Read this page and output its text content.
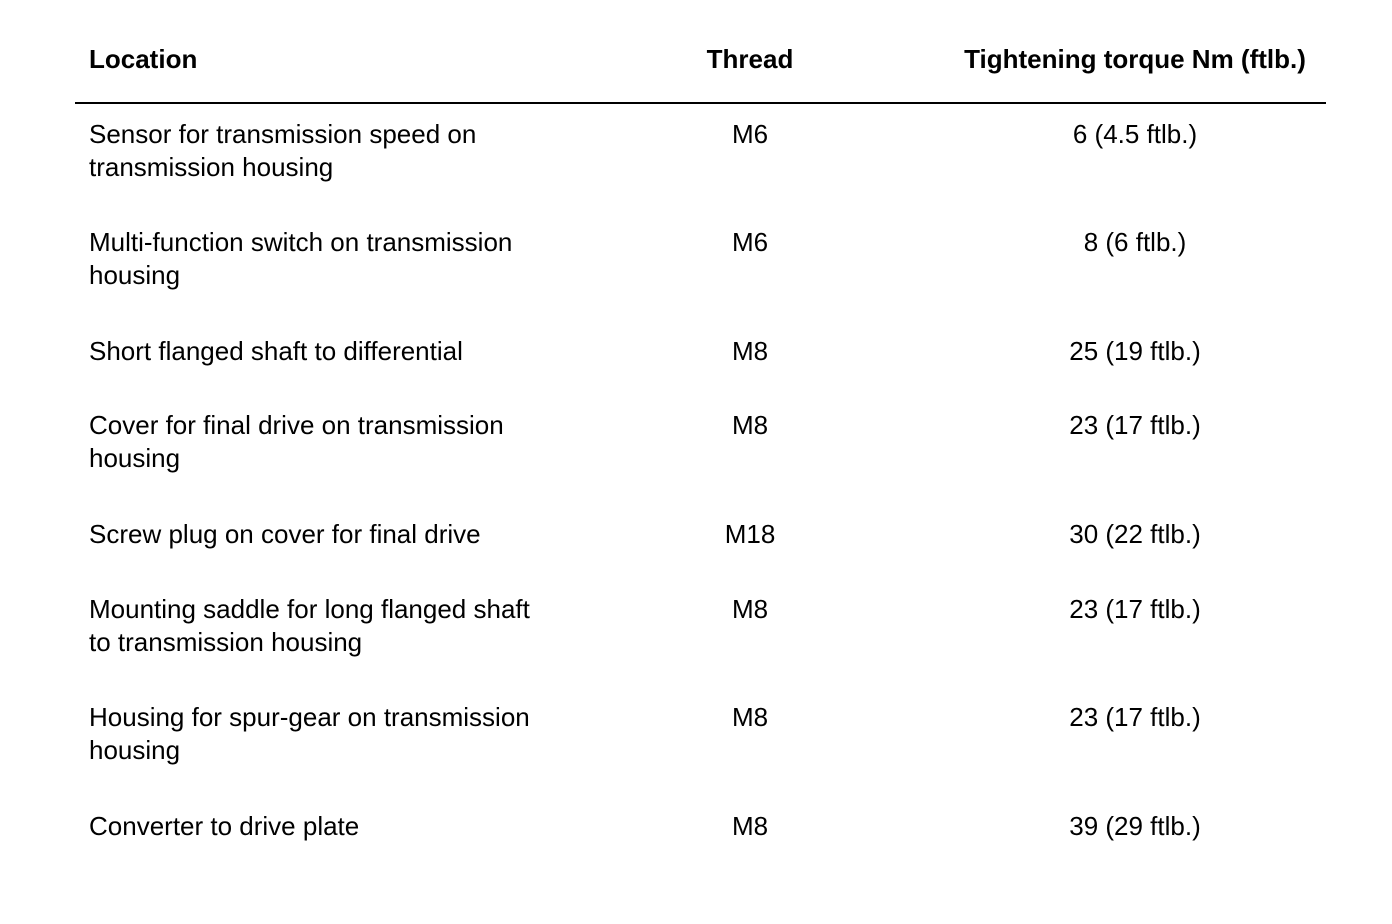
Location	Thread	Tightening torque Nm (ftlb.)
Sensor for transmission speed on
transmission housing
M6	6 (4.5 ftlb.)
Multi-function switch on transmission
housing
M6	8 (6 ftlb.)
Short flanged shaft to differential	M8	25 (19 ftlb.)
Cover for final drive on transmission
housing
M8	23 (17 ftlb.)
Screw plug on cover for final drive	M18	30 (22 ftlb.)
Mounting saddle for long flanged shaft
to transmission housing
M8	23 (17 ftlb.)
Housing for spur-gear on transmission
housing
M8	23 (17 ftlb.)
Converter to drive plate	M8	39 (29 ftlb.)
